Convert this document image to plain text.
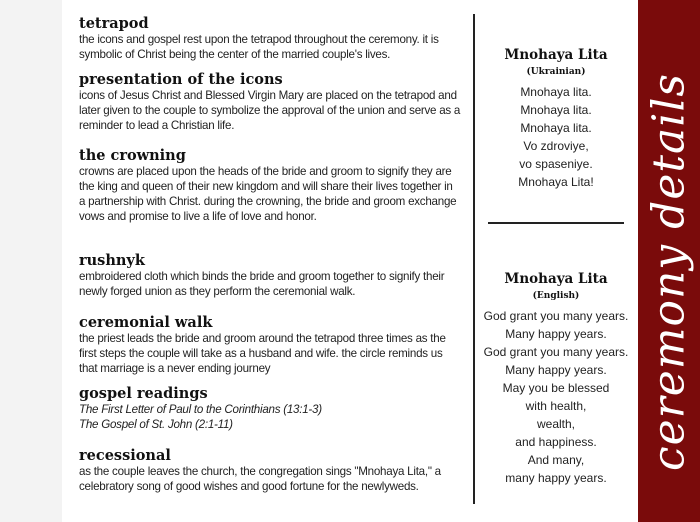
tetrapod

the icons and gospel rest upon the tetrapod throughout the ceremony. it is

symbolic of Christ being the center of the married couple's lives.

presentation of the icons

icons of Jesus Christ and Blessed Virgin Mary are placed on the tetrapod and

later given to the couple to symbolize the approval of the union and serve as a

reminder to lead a Christian life.

the crowning

crowns are placed upon the heads of the bride and groom to signify they are

the king and queen of their new kingdom and will share their lives together in

a partnership with Christ. during the crowning, the bride and groom exchange

vows and promise to live a life of love and honor.

rushnyk

embroidered cloth which binds the bride and groom together to signify their

newly forged union as they perform the ceremonial walk.

ceremonial walk

the priest leads the bride and groom around the tetrapod three times as the

first steps the couple will take as a husband and wife. the circle reminds us

that marriage is a never ending journey

gospel readings

The First Letter of Paul to the Corinthians (13:1-3)

The Gospel of St. John (2:1-11)

recessional

as the couple leaves the church, the congregation sings "Mnohaya Lita," a

celebratory song of good wishes and good fortune for the newlyweds.

Mnohaya Lita

(Ukrainian)

Mnohaya lita.

Mnohaya lita.

Mnohaya lita.

Vo zdroviye,

vo spaseniye.

Mnohaya Lita!

Mnohaya Lita

(English)

God grant you many years.

Many happy years.

God grant you many years.

Many happy years.

May you be blessed

with health,

wealth,

and happiness.

And many,

many happy years.

ceremony details
